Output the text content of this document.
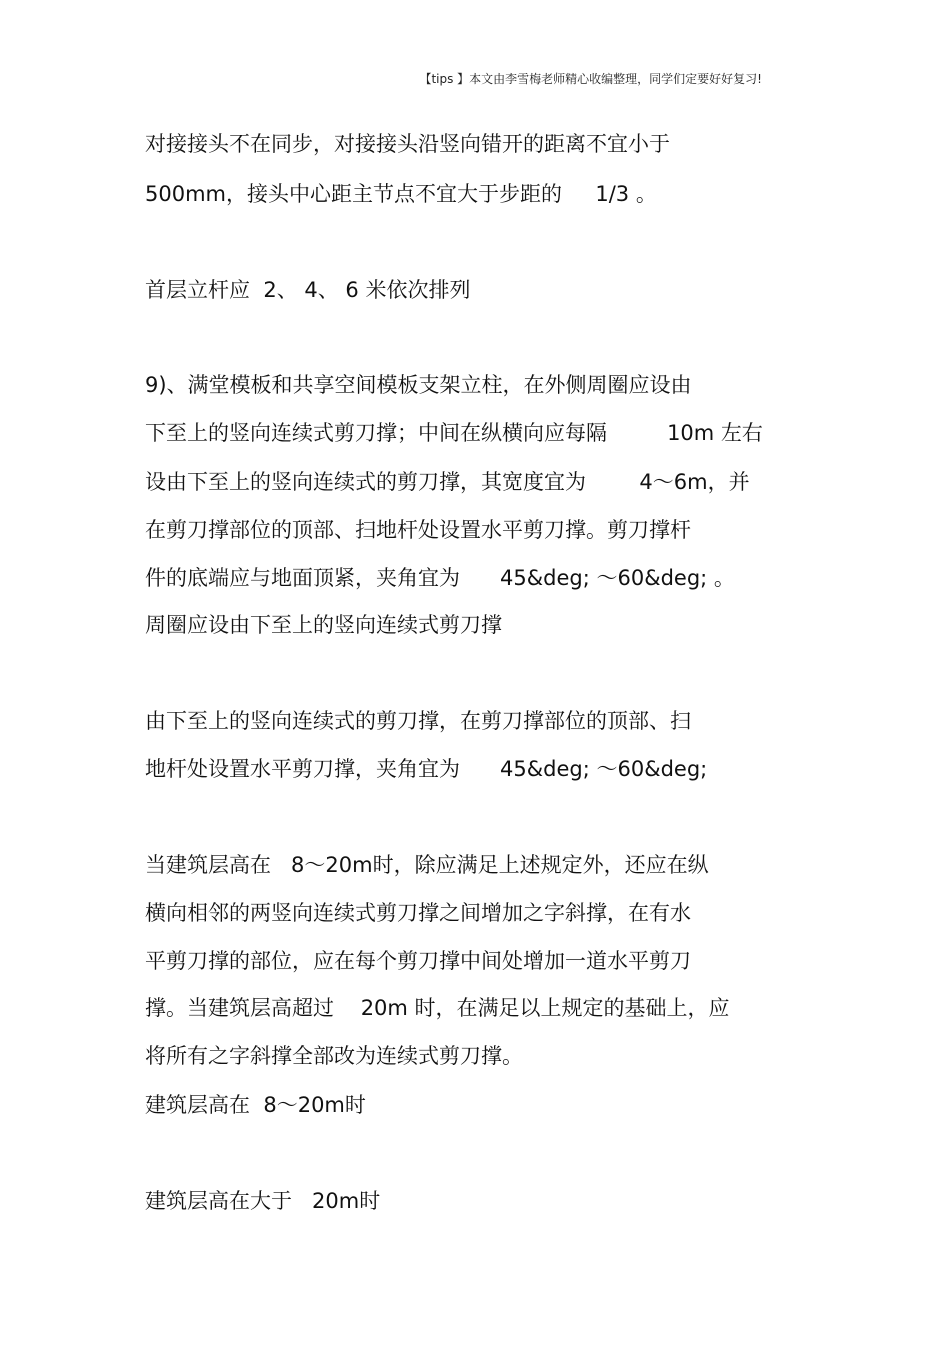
【tips 】本文由李雪梅老师精心收编整理，同学们定要好好复习!
对接接头不在同步，对接接头沿竖向错开的距离不宜小于
500mm，接头中心距主节点不宜大于步距的     1/3 。
首层立杆应  2、 4、 6 米依次排列
9)、满堂模板和共享空间模板支架立柱，在外侧周圈应设由
下至上的竖向连续式剪刀撑；中间在纵横向应每隔         10m 左右
设由下至上的竖向连续式的剪刀撑，其宽度宜为        4～6m，并
在剪刀撑部位的顶部、扫地杆处设置水平剪刀撑。剪刀撑杆
件的底端应与地面顶紧，夹角宜为      45&deg; ～60&deg; 。
周圈应设由下至上的竖向连续式剪刀撑
由下至上的竖向连续式的剪刀撑，在剪刀撑部位的顶部、扫
地杆处设置水平剪刀撑，夹角宜为      45&deg; ～60&deg;
当建筑层高在   8～20m时，除应满足上述规定外，还应在纵
横向相邻的两竖向连续式剪刀撑之间增加之字斜撑，在有水
平剪刀撑的部位，应在每个剪刀撑中间处增加一道水平剪刀
撑。当建筑层高超过    20m 时，在满足以上规定的基础上，应
将所有之字斜撑全部改为连续式剪刀撑。
建筑层高在  8～20m时
建筑层高在大于   20m时
